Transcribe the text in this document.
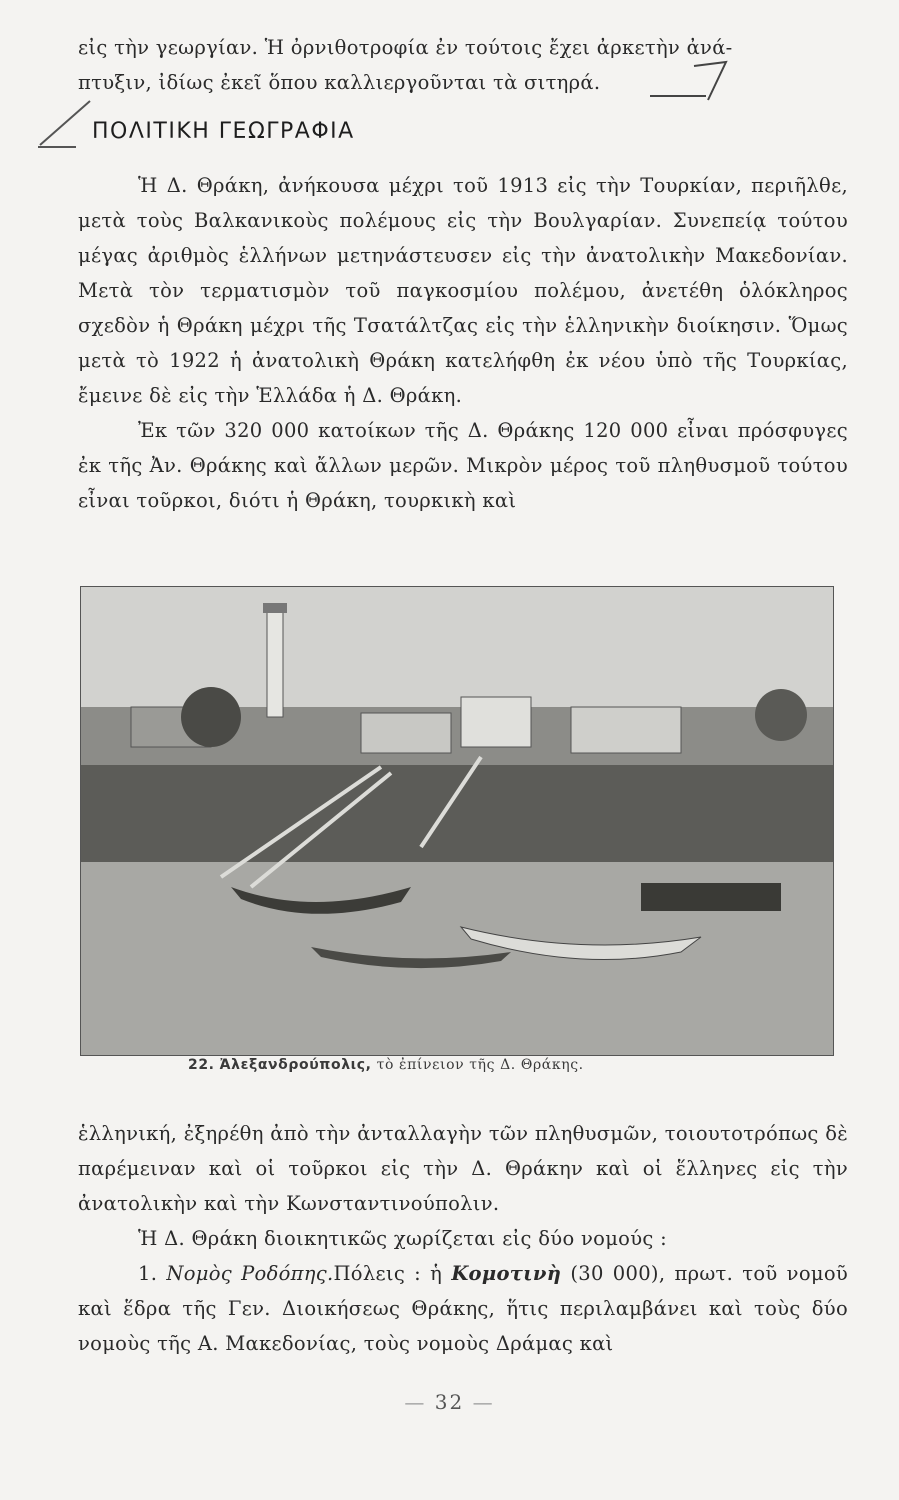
εἰς τὴν γεωργίαν. Ἡ ὀρνιθοτροφία ἐν τούτοις ἔχει ἀρκετὴν ἀνά-

πτυξιν, ἰδίως ἐκεῖ ὅπου καλλιεργοῦνται τὰ σιτηρά.

ΠΟΛΙΤΙΚΗ ΓΕΩΓΡΑΦΙΑ

Ἡ Δ. Θράκη, ἀνήκουσα μέχρι τοῦ 1913 εἰς τὴν Τουρκίαν, περιῆλθε, μετὰ τοὺς Βαλκανικοὺς πολέμους εἰς τὴν Βουλγαρίαν. Συνεπείᾳ τούτου μέγας ἀριθμὸς ἑλλήνων μετηνάστευσεν εἰς τὴν ἀνατολικὴν Μακεδονίαν. Μετὰ τὸν τερματισμὸν τοῦ παγκοσμίου πολέμου, ἀνετέθη ὁλόκληρος σχεδὸν ἡ Θράκη μέχρι τῆς Τσατάλτζας εἰς τὴν ἑλληνικὴν διοίκησιν. Ὅμως μετὰ τὸ 1922 ἡ ἀνατολικὴ Θράκη κατελήφθη ἐκ νέου ὑπὸ τῆς Τουρκίας, ἔμεινε δὲ εἰς τὴν Ἑλλάδα ἡ Δ. Θράκη.

Ἐκ τῶν 320 000 κατοίκων τῆς Δ. Θράκης 120 000 εἶναι πρόσφυγες ἐκ τῆς Ἀν. Θράκης καὶ ἄλλων μερῶν. Μικρὸν μέρος τοῦ πληθυσμοῦ τούτου εἶναι τοῦρκοι, διότι ἡ Θράκη, τουρκικὴ καὶ

22. Ἀλεξανδρούπολις, τὸ ἐπίνειον τῆς Δ. Θράκης.

ἑλληνική, ἐξηρέθη ἀπὸ τὴν ἀνταλλαγὴν τῶν πληθυσμῶν, τοιουτοτρόπως δὲ παρέμειναν καὶ οἱ τοῦρκοι εἰς τὴν Δ. Θράκην καὶ οἱ ἕλληνες εἰς τὴν ἀνατολικὴν καὶ τὴν Κωνσταντινούπολιν.

Ἡ Δ. Θράκη διοικητικῶς χωρίζεται εἰς δύο νομούς :

1. Νομὸς Ροδόπης.Πόλεις : ἡ Κομοτινὴ (30 000), πρωτ. τοῦ νομοῦ καὶ ἕδρα τῆς Γεν. Διοικήσεως Θράκης, ἥτις περιλαμβάνει καὶ τοὺς δύο νομοὺς τῆς Α. Μακεδονίας, τοὺς νομοὺς Δράμας καὶ

— 32 —
